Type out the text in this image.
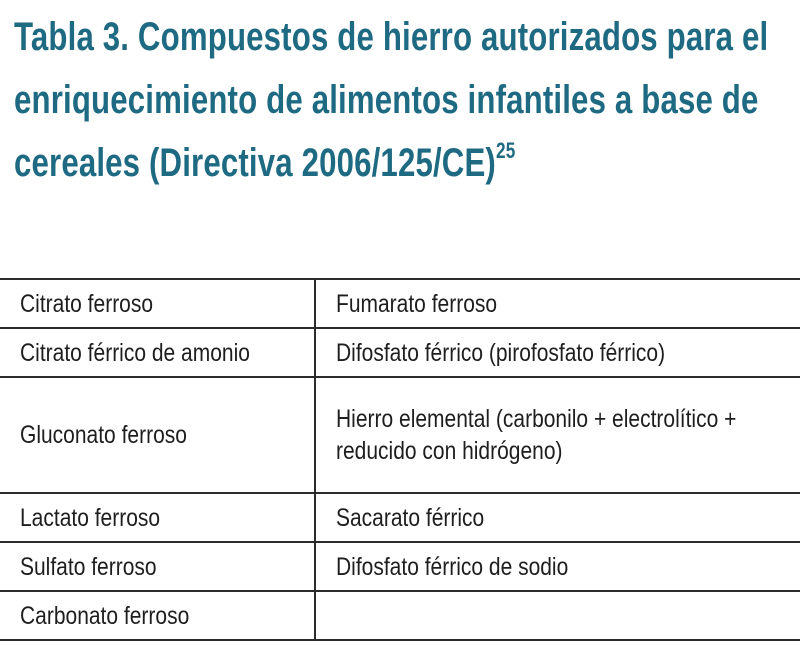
Tabla 3. Compuestos de hierro autorizados para el enriquecimiento de alimentos infantiles a base de cereales (Directiva 2006/125/CE)$^{25}$
Citrato ferroso	Fumarato ferroso
Citrato férrico de amonio	Difosfato férrico (pirofosfato férrico)
Gluconato ferroso	Hierro elemental (carbonilo + electrolítico + reducido con hidrógeno)

Lactato ferroso	Sacarato férrico
Sulfato ferroso	Difosfato férrico de sodio
Carbonato ferroso	
